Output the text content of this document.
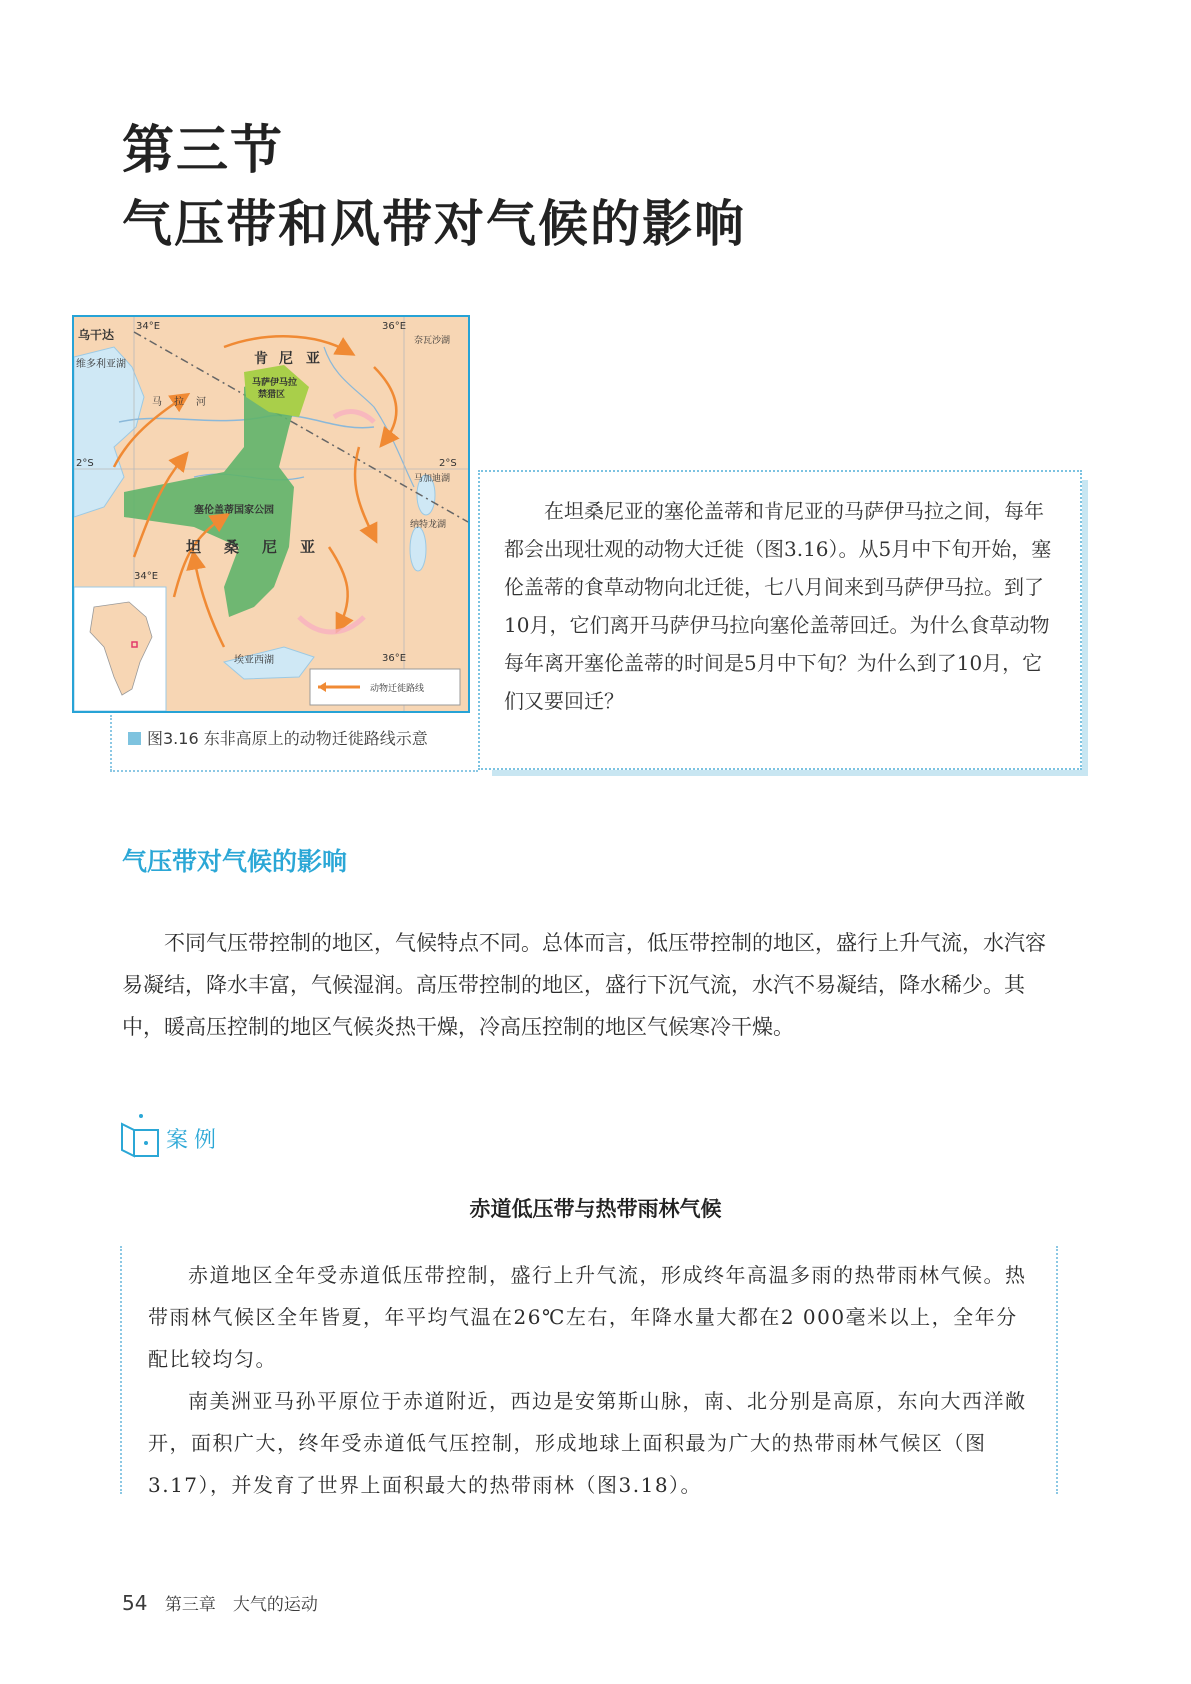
第三节
气压带和风带对气候的影响
34°E	36°E
34°E
36°E
2°S	2°S
乌干达
维多利亚湖	肯 尼 亚
马萨伊马拉
禁猎区
马 拉 河
塞伦盖蒂国家公园
坦 桑 尼 亚
奈瓦沙湖
马加迪湖
纳特龙湖
埃亚西湖
动物迁徙路线
图3.16 东非高原上的动物迁徙路线示意
在坦桑尼亚的塞伦盖蒂和肯尼亚的马萨伊马拉之间，每年都会出现壮观的动物大迁徙（图3.16）。从5月中下旬开始，塞伦盖蒂的食草动物向北迁徙，七八月间来到马萨伊马拉。到了10月，它们离开马萨伊马拉向塞伦盖蒂回迁。为什么食草动物每年离开塞伦盖蒂的时间是5月中下旬？为什么到了10月，它们又要回迁？
气压带对气候的影响
不同气压带控制的地区，气候特点不同。总体而言，低压带控制的地区，盛行上升气流，水汽容易凝结，降水丰富，气候湿润。高压带控制的地区，盛行下沉气流，水汽不易凝结，降水稀少。其中，暖高压控制的地区气候炎热干燥，冷高压控制的地区气候寒冷干燥。
案例
赤道低压带与热带雨林气候
赤道地区全年受赤道低压带控制，盛行上升气流，形成终年高温多雨的热带雨林气候。热带雨林气候区全年皆夏，年平均气温在26℃左右，年降水量大都在2 000毫米以上，全年分配比较均匀。
南美洲亚马孙平原位于赤道附近，西边是安第斯山脉，南、北分别是高原，东向大西洋敞开，面积广大，终年受赤道低气压控制，形成地球上面积最为广大的热带雨林气候区（图3.17），并发育了世界上面积最大的热带雨林（图3.18）。
54 第三章　大气的运动
